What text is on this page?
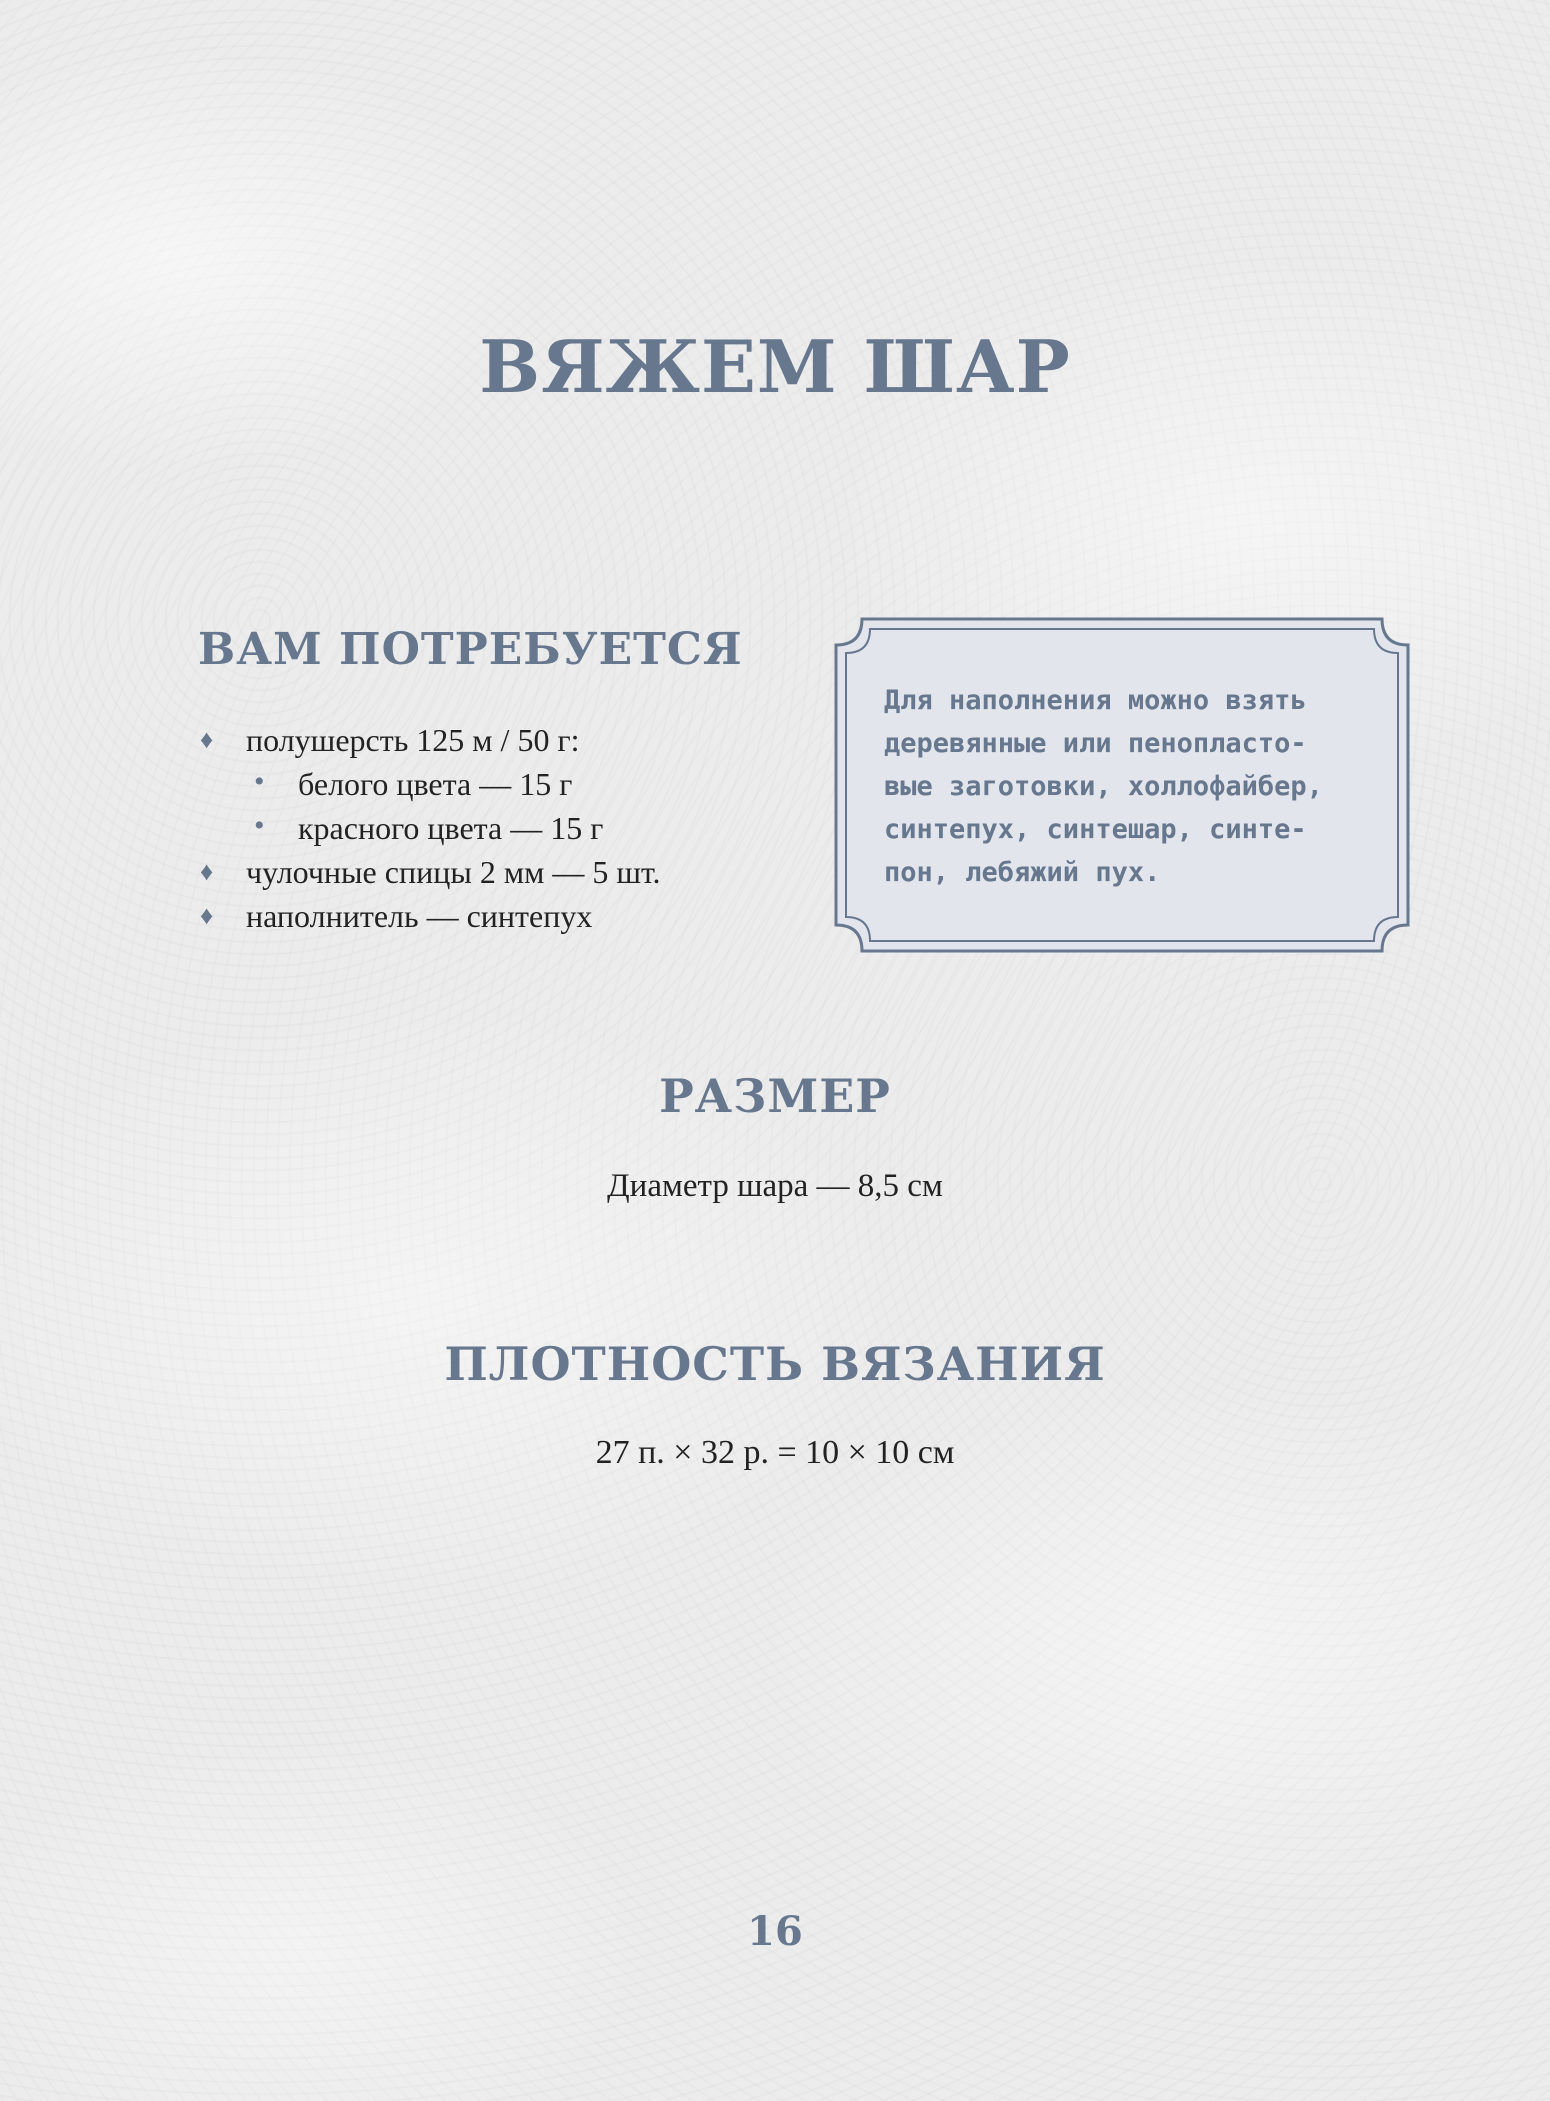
ВЯЖЕМ ШАР
ВАМ ПОТРЕБУЕТСЯ
♦ полушерсть 125 м / 50 г:
• белого цвета — 15 г
• красного цвета — 15 г
♦ чулочные спицы 2 мм — 5 шт.
♦ наполнитель — синтепух

Для наполнения можно взять
деревянные или пенопласто-
вые заготовки, холлофайбер,
синтепух, синтешар, синте-
пон, лебяжий пух.

РАЗМЕР

Диаметр шара — 8,5 см

ПЛОТНОСТЬ ВЯЗАНИЯ

27 п. × 32 р. = 10 × 10 см

16
